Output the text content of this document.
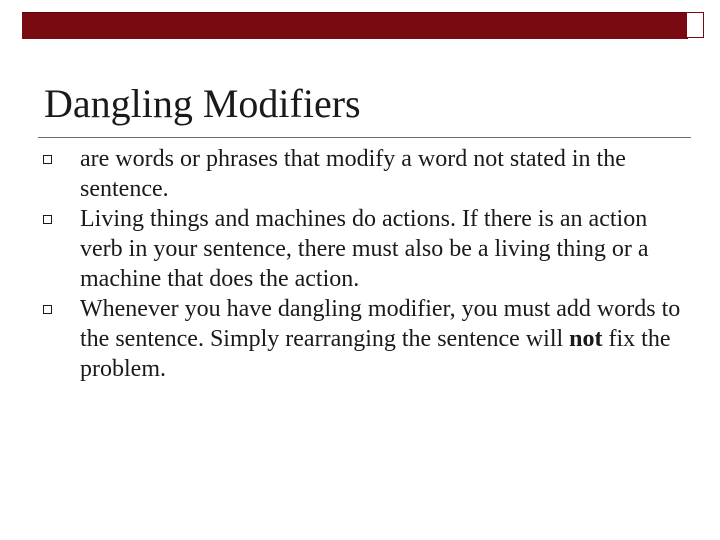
Dangling Modifiers
are words or phrases that modify a word not stated in the sentence.
Living things and machines do actions. If there is an action verb in your sentence, there must also be a living thing or a machine that does the action.
Whenever you have dangling modifier, you must add words to the sentence. Simply rearranging the sentence will not fix the problem.
